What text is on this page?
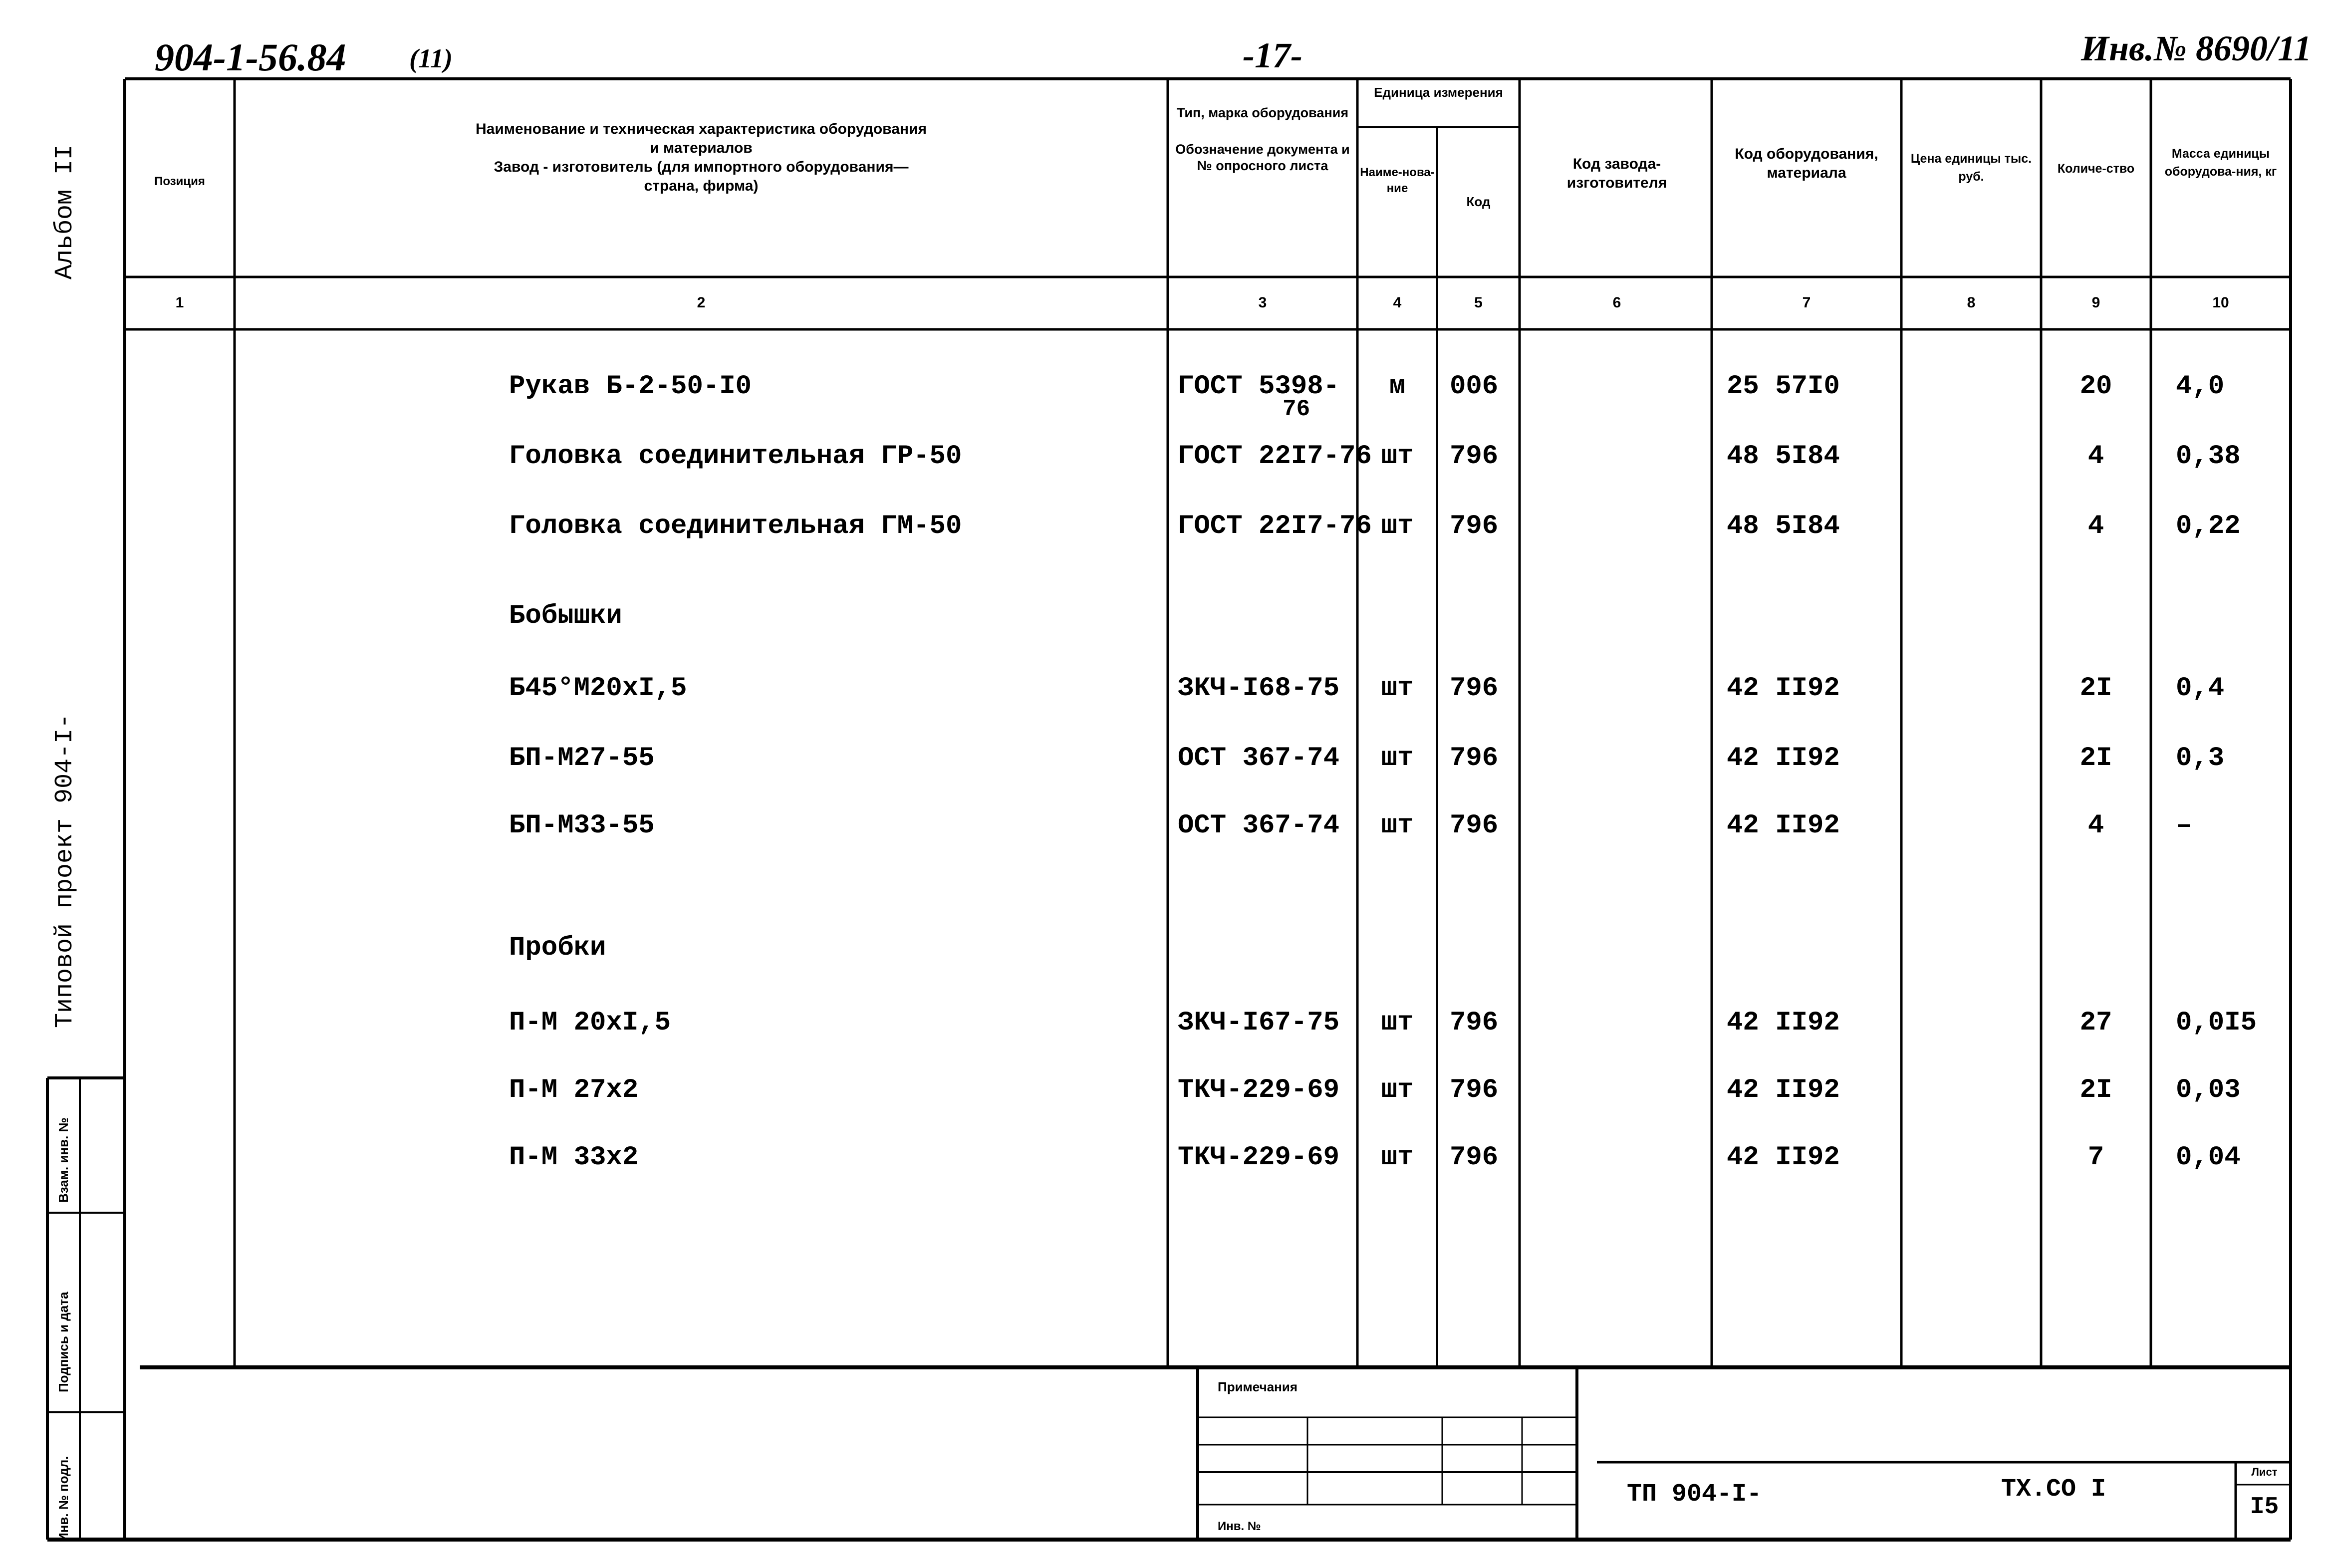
904-1-56.84 (11)	-17-	Инв.№ 8690/11
Альбом II
Типовой проект 904-I-
Взам. инв. №
Подпись и дата
Инв. № подл.
Позиция
Наименование и техническая характеристика оборудования
и материалов
Завод - изготовитель (для импортного оборудования—
страна, фирма)
Тип, марка оборудования
Обозначение документа и № опросного листа
Единица измерения
Наиме-нова-ние
Код
Код завода-изготовителя
Код оборудования, материала
Цена единицы тыс. руб.
Количе-ство
Масса единицы оборудова-ния, кг
1	2	3	4	5	6	7	8	9	10
Рукав Б-2-50-I0	ГОСТ 5398-	м	006	25 57I0	20	4,0
76
Головка соединительная ГР-50	ГОСТ 22I7-76 шт	796	48 5I84	4	0,38
Головка соединительная ГМ-50	ГОСТ 22I7-76 шт	796	48 5I84	4	0,22
Бобышки
Б45°М20хI,5	ЗКЧ-I68-75	шт	796	42 II92	2I	0,4
БП-М27-55	ОСТ 367-74	шт	796	42 II92	2I	0,3
БП-М33-55	ОСТ 367-74	шт	796	42 II92	4	–
Пробки
П-М 20хI,5	ЗКЧ-I67-75	шт	796	42 II92	27	0,0I5
П-М 27х2	ТКЧ-229-69	шт	796	42 II92	2I	0,03
П-М 33х2	ТКЧ-229-69	шт	796	42 II92	7	0,04
Примечания
Инв. №
ТП 904-I-	ТХ.СО I
Лист
I5
